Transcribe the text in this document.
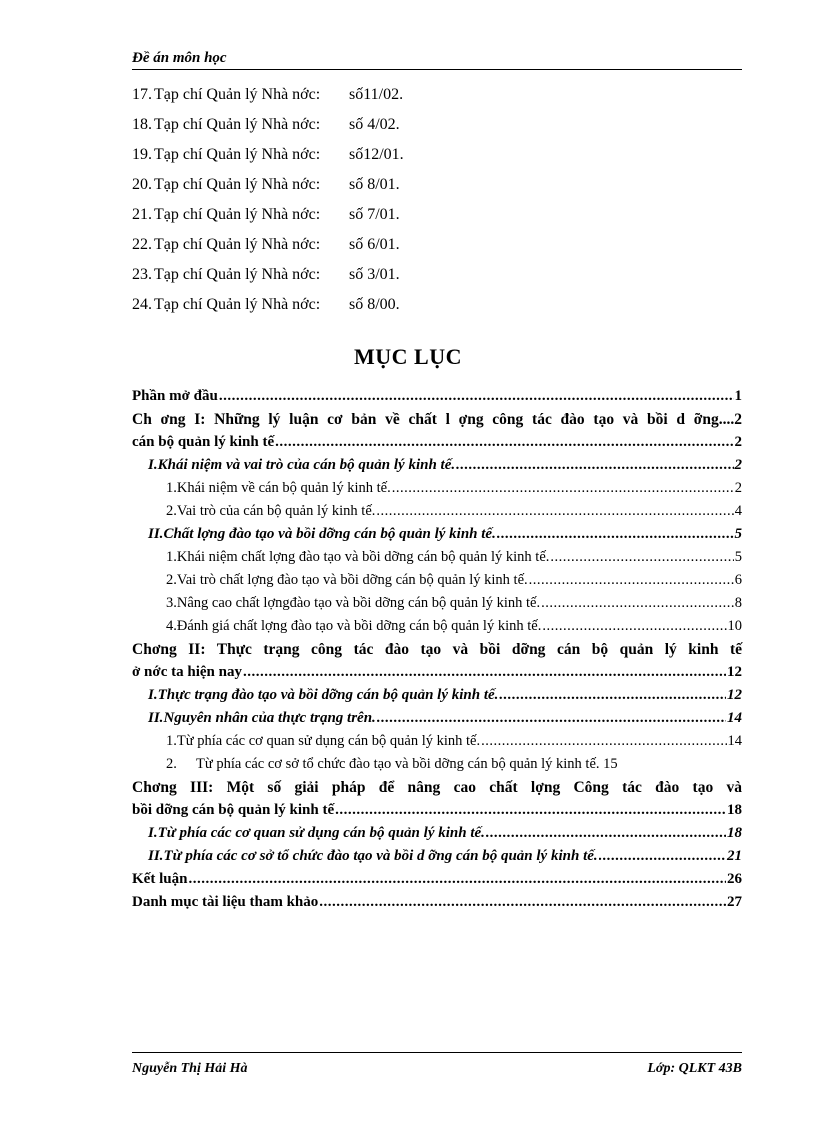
Đề án môn học
17. Tạp chí Quản lý Nhà nớc:	số11/02.
18. Tạp chí Quản lý Nhà nớc:	số 4/02.
19. Tạp chí Quản lý Nhà nớc:	số12/01.
20. Tạp chí Quản lý Nhà nớc:	số 8/01.
21. Tạp chí Quản lý Nhà nớc:	số 7/01.
22. Tạp chí Quản lý Nhà nớc:	số 6/01.
23. Tạp chí Quản lý Nhà nớc:	số 3/01.
24. Tạp chí Quản lý Nhà nớc:	số 8/00.
MỤC LỤC
Phần mở đầu .....	1
Ch ơng I: Những lý luận cơ bản về chất l ợng công tác đào tạo và bồi d ỡng....2
cán bộ quản lý kinh tế .....	2
I. Khái niệm và vai trò của cán bộ quản lý kinh tế. .....	2
1. Khái niệm về cán bộ quản lý kinh tế. .....	2
2. Vai trò của cán bộ quản lý kinh tế. .....	4
II. Chất lợng đào tạo và bồi dỡng cán bộ quản lý kinh tế. .....	5
1. Khái niệm chất lợng đào tạo và bồi dỡng cán bộ quản lý kinh tế. .....	5
2. Vai trò chất lợng đào tạo và bồi dỡng cán bộ quản lý kinh tế. .....	6
3. Nâng cao chất lợngđào tạo và bồi dỡng cán bộ quản lý kinh tế. .....	8
4. Đánh giá chất lợng đào tạo và bồi dỡng cán bộ quản lý kinh tế. .....	10
Chơng II: Thực trạng công tác đào tạo và bồi dỡng cán bộ quản lý kinh tế
ở nớc ta hiện nay .....	12
I. Thực trạng đào tạo và bồi dỡng cán bộ quản lý kinh tế. .....	12
II. Nguyên nhân của thực trạng trên. .....	14
1. Từ phía các cơ quan sử dụng cán bộ quản lý kinh tế. .....	14
2.	Từ phía các cơ sở tổ chức đào tạo và bồi dỡng cán bộ quản lý kinh tế. 15
Chơng III: Một số giải pháp để nâng cao chất lợng Công tác đào tạo và
bồi dỡng cán bộ quản lý kinh tế .....	18
I. Từ phía các cơ quan sử dụng cán bộ quản lý kinh tế. .....	18
II. Từ phía các cơ sở tổ chức đào tạo và bồi d ỡng cán bộ quản lý kinh tế. .....	21
Kết luận .....	26
Danh mục tài liệu tham khảo .....	27
Nguyễn Thị Hải Hà	Lớp: QLKT 43B
